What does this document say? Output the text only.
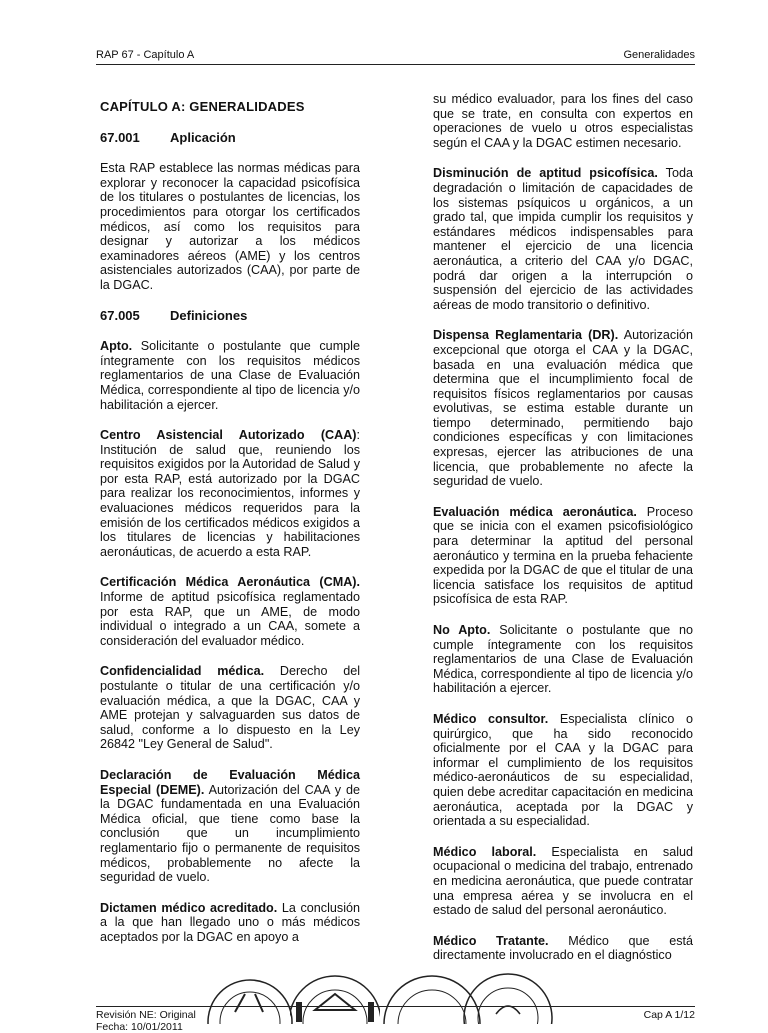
RAP 67 - Capítulo A	Generalidades
CAPÍTULO A: GENERALIDADES
67.001 Aplicación

Esta RAP establece las normas médicas para explorar y reconocer la capacidad psicofísica de los titulares o postulantes de licencias, los procedimientos para otorgar los certificados médicos, así como los requisitos para designar y autorizar a los médicos examinadores aéreos (AME) y los centros asistenciales autorizados (CAA), por parte de la DGAC.

67.005 Definiciones

Apto. Solicitante o postulante que cumple íntegramente con los requisitos médicos reglamentarios de una Clase de Evaluación Médica, correspondiente al tipo de licencia y/o habilitación a ejercer.

Centro Asistencial Autorizado (CAA): Institución de salud que, reuniendo los requisitos exigidos por la Autoridad de Salud y por esta RAP, está autorizado por la DGAC para realizar los reconocimientos, informes y evaluaciones médicos requeridos para la emisión de los certificados médicos exigidos a los titulares de licencias y habilitaciones aeronáuticas, de acuerdo a esta RAP.

Certificación Médica Aeronáutica (CMA). Informe de aptitud psicofísica reglamentado por esta RAP, que un AME, de modo individual o integrado a un CAA, somete a consideración del evaluador médico.

Confidencialidad médica. Derecho del postulante o titular de una certificación y/o evaluación médica, a que la DGAC, CAA y AME protejan y salvaguarden sus datos de salud, conforme a lo dispuesto en la Ley 26842 "Ley General de Salud".

Declaración de Evaluación Médica Especial (DEME). Autorización del CAA y de la DGAC fundamentada en una Evaluación Médica oficial, que tiene como base la conclusión que un incumplimiento reglamentario fijo o permanente de requisitos médicos, probablemente no afecte la seguridad de vuelo.

Dictamen médico acreditado. La conclusión a la que han llegado uno o más médicos aceptados por la DGAC en apoyo a

su médico evaluador, para los fines del caso que se trate, en consulta con expertos en operaciones de vuelo u otros especialistas según el CAA y la DGAC estimen necesario.

Disminución de aptitud psicofísica. Toda degradación o limitación de capacidades de los sistemas psíquicos u orgánicos, a un grado tal, que impida cumplir los requisitos y estándares médicos indispensables para mantener el ejercicio de una licencia aeronáutica, a criterio del CAA y/o DGAC, podrá dar origen a la interrupción o suspensión del ejercicio de las actividades aéreas de modo transitorio o definitivo.

Dispensa Reglamentaria (DR). Autorización excepcional que otorga el CAA y la DGAC, basada en una evaluación médica que determina que el incumplimiento focal de requisitos físicos reglamentarios por causas evolutivas, se estima estable durante un tiempo determinado, permitiendo bajo condiciones específicas y con limitaciones expresas, ejercer las atribuciones de una licencia, que probablemente no afecte la seguridad de vuelo.

Evaluación médica aeronáutica. Proceso que se inicia con el examen psicofisiológico para determinar la aptitud del personal aeronáutico y termina en la prueba fehaciente expedida por la DGAC de que el titular de una licencia satisface los requisitos de aptitud psicofísica de esta RAP.

No Apto. Solicitante o postulante que no cumple íntegramente con los requisitos reglamentarios de una Clase de Evaluación Médica, correspondiente al tipo de licencia y/o habilitación a ejercer.

Médico consultor. Especialista clínico o quirúrgico, que ha sido reconocido oficialmente por el CAA y la DGAC para informar el cumplimiento de los requisitos médico-aeronáuticos de su especialidad, quien debe acreditar capacitación en medicina aeronáutica, aceptada por la DGAC y orientada a su especialidad.

Médico laboral. Especialista en salud ocupacional o medicina del trabajo, entrenado en medicina aeronáutica, que puede contratar una empresa aérea y se involucra en el estado de salud del personal aeronáutico.

Médico Tratante. Médico que está directamente involucrado en el diagnóstico

Revisión NE: Original
Fecha: 10/01/2011
Cap A 1/12
